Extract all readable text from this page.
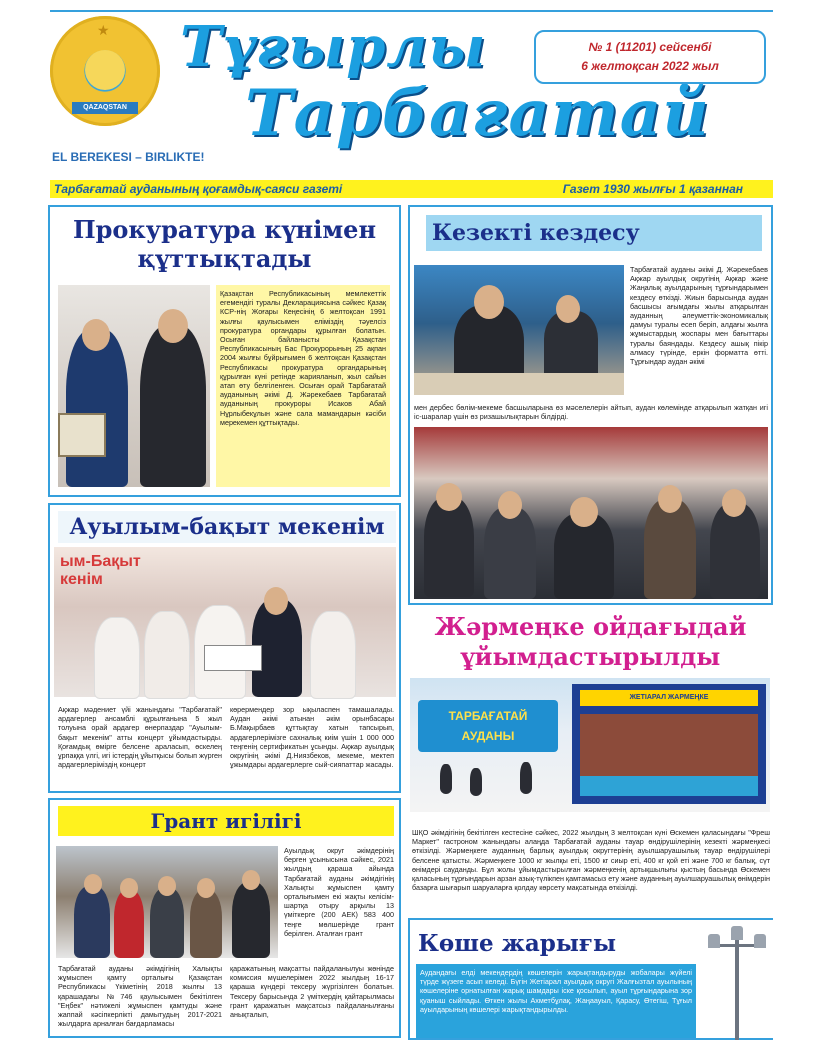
★
QAZAQSTAN
EL BEREKESI – BIRLIKTE!
Тұғырлы
Тарбағатай
№ 1 (11201) сейсенбі
6 желтоқсан 2022 жыл
Тарбағатай ауданының қоғамдық-саяси газеті	Газет 1930 жылғы 1 қазаннан
Прокуратура күнімен
құттықтады
Қазақстан Республикасының мемлекеттік егемендігі туралы Декларациясына сәйкес Қазақ КСР-нің Жоғары Кеңесінің 6 желтоқсан 1991 жылғы қаулысымен еліміздің тәуелсіз прокуратура органдары құрылған болатын. Осыған байланысты Қазақстан Республикасының Бас Прокурорының 25 ақпан 2004 жылғы бұйрығымен 6 желтоқсан Қазақстан Республикасы прокуратура органдарының құрылған күні ретінде жарияланып, жыл сайын атап өту белгіленген. Осыған орай Тарбағатай ауданының әкімі Д. Жәрекебаев Тарбағатай ауданының прокуроры Исаков Абай Нұрлыбекұлын және сала мамандарын кәсіби мерекемен құттықтады.
Кезекті кездесу
Тарбағатай ауданы әкімі Д. Жәрекебаев Ақжар ауылдық округінің Ақжар және Жаңалық ауылдарының тұрғындарымен кездесу өткізді. Жиын барысында аудан басшысы ағымдағы жылы атқарылған ауданның әлеуметтік-экономикалық дамуы туралы есеп беріп, алдағы жылға жұмыстардың жоспары мен бағыттары туралы баяндады. Кездесу ашық пікір алмасу түрінде, еркін форматта өтті. Тұрғындар аудан әкімі
мен дербес бөлім-мекеме басшыларына өз мәселелерін айтып, аудан көлемінде атқарылып жатқан игі іс-шаралар үшін өз ризашылықтарын білдірді.
Ауылым-бақыт мекенім
ым-Бақыт
кенім
Ақжар мәдениет үйі жанындағы "Тарбағатай" ардагерлер ансамблі құрылғанына 5 жыл толуына орай ардагер өнерпаздар "Ауылым-бақыт мекенім" атты концерт ұйымдастырды. Қоғамдық өмірге белсене араласып, өскелең ұрпаққа үлгі, игі істердің ұйытқысы болып жүрген ардагерлеріміздің концерт
көрермендер зор ықыласпен тамашалады. Аудан әкімі атынан әкім орынбасары Б.Мақырбаев құттықтау хатын тапсырып, ардагерлерімізге сахналық киім үшін 1 000 000 теңгенің сертификатын ұсынды. Ақжар ауылдық округінің әкімі Д.Ниязбеков, мекеме, мектеп ұжымдары ардагерлерге сый-сияпаттар жасады.
Жәрмеңке ойдағыдай
ұйымдастырылды
ТАРБАҒАТАЙ
АУДАНЫ
ЖЕТІАРАЛ ЖАРМЕҢКЕ
ШҚО әкімдігінің бекітілген кестесіне сәйкес, 2022 жылдың 3 желтоқсан күні Өскемен қаласындағы "Фреш Маркет" гастроном жанындағы алаңда Тарбағатай ауданы тауар өндірушілерінің кезекті жәрмеңкесі өткізілді. Жәрмеңкеге ауданның барлық ауылдық округтерінің ауылшаруашылық тауар өндірушілері белсене қатысты. Жәрмеңкеге 1000 кг жылқы еті, 1500 кг сиыр еті, 400 кг қой еті және 700 кг балық, сүт өнімдері сауданды. Бұл жолы ұйымдастырылған жәрмеңкенің артықшылығы қыстың басында Өскемен қаласының тұрғындарын арзан азық-түлікпен қамтамасыз ету және ауданның ауылшаруашылық өнімдерін базарға шығарып шаруаларға қолдау көрсету мақсатында өткізілді.
Грант игілігі
Ауылдық округ әкімдерінің берген ұсынысына сәйкес, 2021 жылдың қараша айында Тарбағатай ауданы әкімдігінің Халықты жұмыспен қамту орталығымен екі жақты келісім-шартқа отыру арқылы 13 үміткерге (200 АЕК) 583 400 теңге мөлшерінде грант берілген. Аталған грант
Тарбағатай ауданы әкімдігінің Халықты жұмыспен қамту орталығы Қазақстан Республикасы Үкіметінің 2018 жылғы 13 қарашадағы №746 қаулысымен бекітілген "Еңбек" нәтижелі жұмыспен қамтуды және жаппай кәсіпкерлікті дамытудың 2017-2021 жылдарға арналған бағдарламасы
қаражатының мақсатты пайдаланылуы жөнінде комиссия мүшелерімен 2022 жылдың 16-17 қараша күндері тексеру жүргізілген болатын. Тексеру барысында 2 үміткердің қайтарылмасы грант қаражатын мақсатсыз пайдаланылғаны анықталып,
Көше жарығы
Аудандағы елді мекендердің көшелерін жарықтандыруды жобалары жүйелі түрде жүзеге асып келеді. Бүгін Жетіарал ауылдық округі Жалғызтал ауылының көшелеріне орнатылған жарық шамдары іске қосылып, ауыл тұрғындарына зор қуаныш сыйлады. Өткен жылы Ахметбұлақ, Жаңаауыл, Қарасу, Өтегіш, Тұғыл ауылдарының көшелері жарықтандырылды.
